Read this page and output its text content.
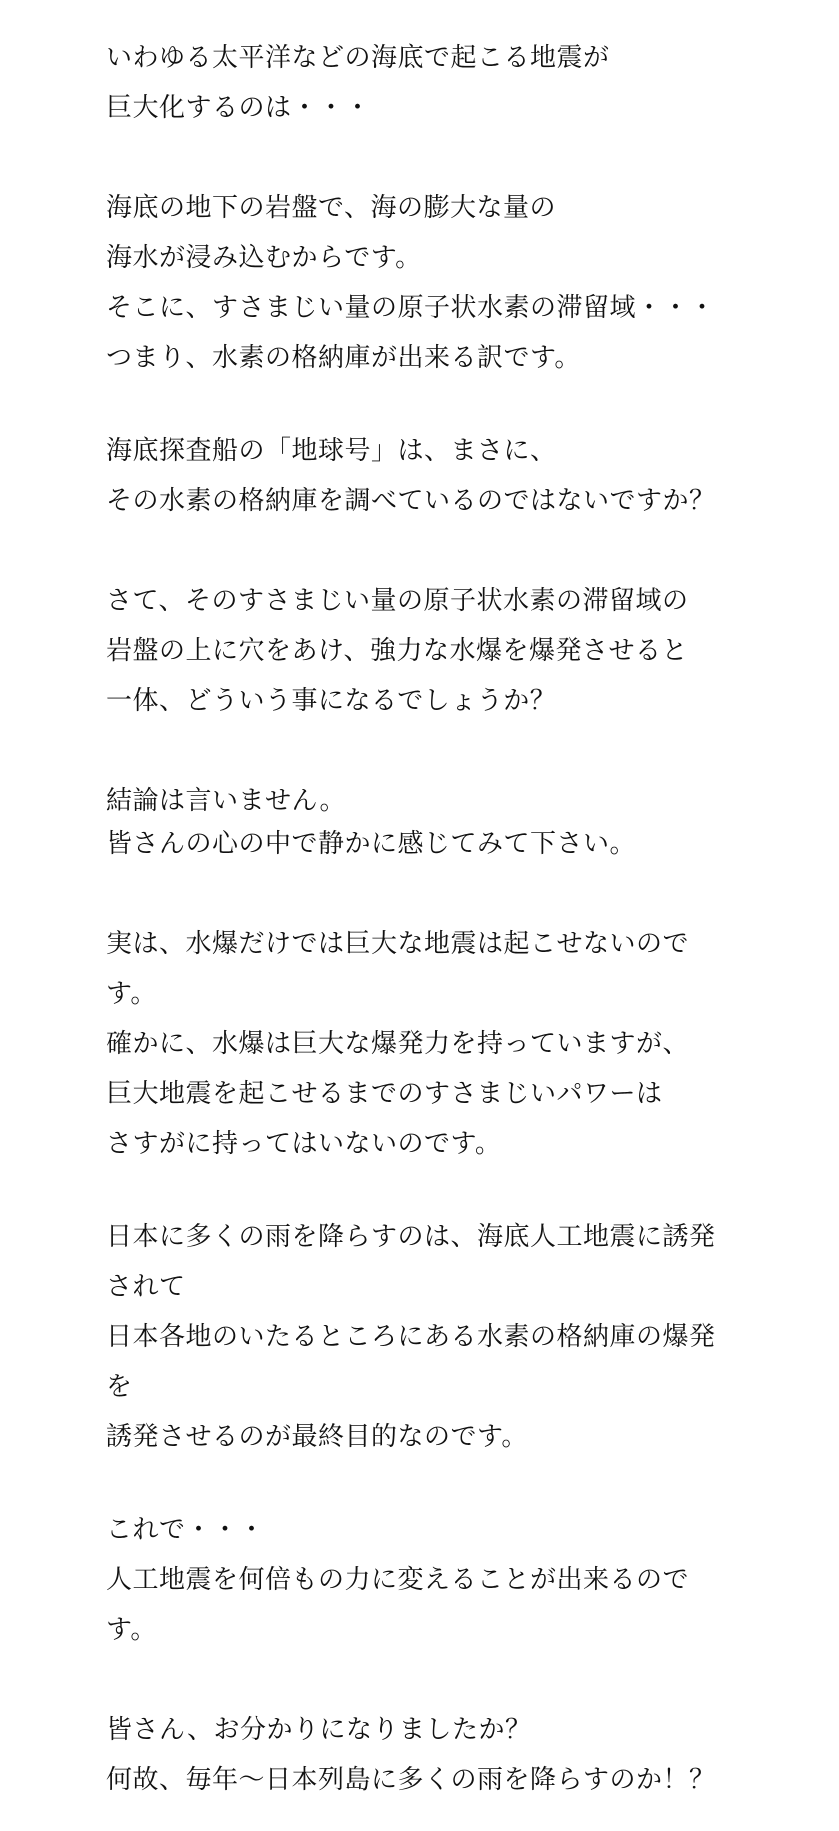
いわゆる太平洋などの海底で起こる地震が
巨大化するのは・・・
海底の地下の岩盤で、海の膨大な量の
海水が浸み込むからです。
そこに、すさまじい量の原子状水素の滞留域・・・
つまり、水素の格納庫が出来る訳です。
海底探査船の「地球号」は、まさに、
その水素の格納庫を調べているのではないですか？
さて、そのすさまじい量の原子状水素の滞留域の
岩盤の上に穴をあけ、強力な水爆を爆発させると
一体、どういう事になるでしょうか？
結論は言いません。
皆さんの心の中で静かに感じてみて下さい。
実は、水爆だけでは巨大な地震は起こせないので
す。
確かに、水爆は巨大な爆発力を持っていますが、
巨大地震を起こせるまでのすさまじいパワーは
さすがに持ってはいないのです。
日本に多くの雨を降らすのは、海底人工地震に誘発
されて
日本各地のいたるところにある水素の格納庫の爆発
を
誘発させるのが最終目的なのです。
これで・・・
人工地震を何倍もの力に変えることが出来るので
す。
皆さん、お分かりになりましたか？
何故、毎年～日本列島に多くの雨を降らすのか！？
